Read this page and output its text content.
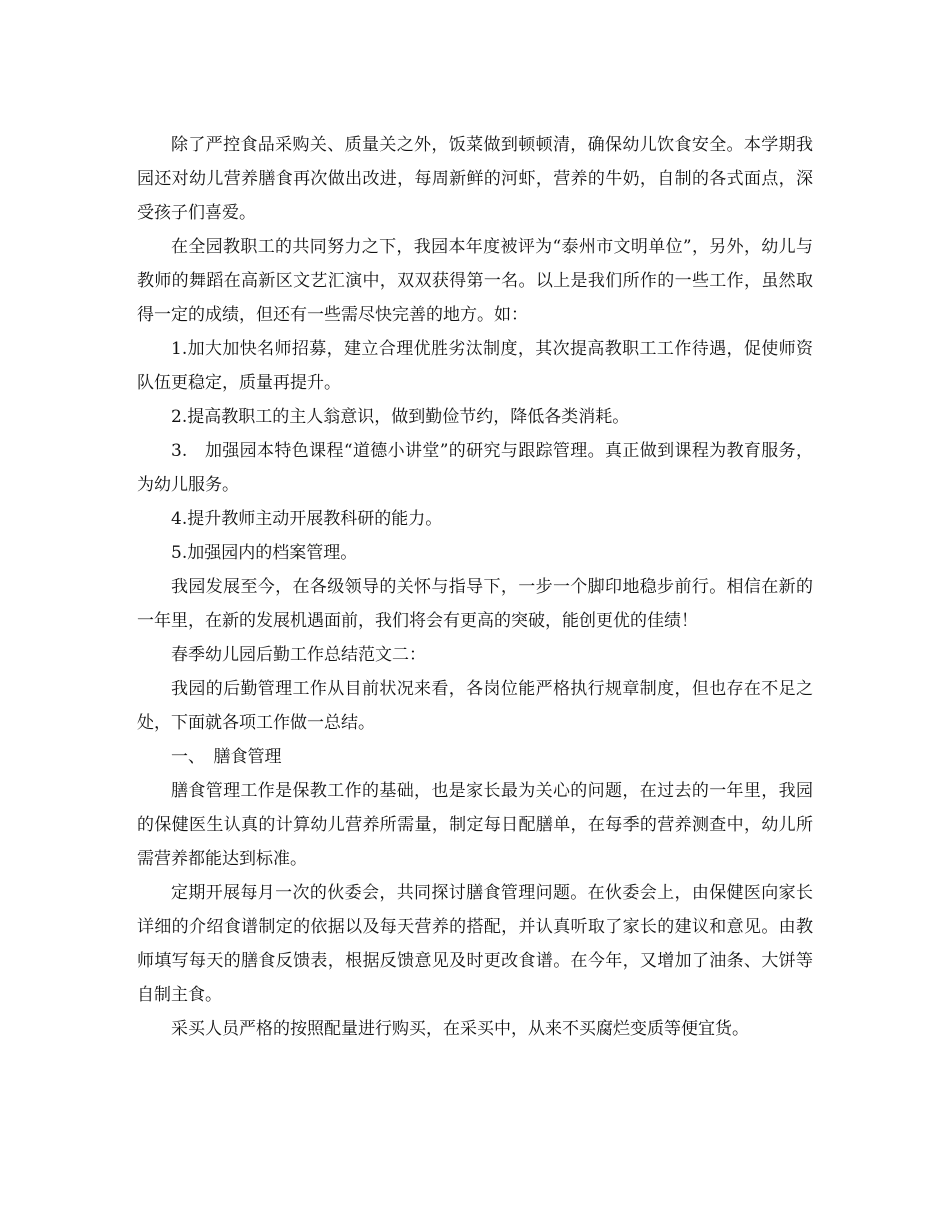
除了严控食品采购关、质量关之外，饭菜做到顿顿清，确保幼儿饮食安全。本学期我园还对幼儿营养膳食再次做出改进，每周新鲜的河虾，营养的牛奶，自制的各式面点，深受孩子们喜爱。

在全园教职工的共同努力之下，我园本年度被评为“泰州市文明单位”，另外，幼儿与教师的舞蹈在高新区文艺汇演中，双双获得第一名。以上是我们所作的一些工作，虽然取得一定的成绩，但还有一些需尽快完善的地方。如：

1.加大加快名师招募，建立合理优胜劣汰制度，其次提高教职工工作待遇，促使师资队伍更稳定，质量再提升。

2.提高教职工的主人翁意识，做到勤俭节约，降低各类消耗。

3.　加强园本特色课程“道德小讲堂”的研究与跟踪管理。真正做到课程为教育服务，为幼儿服务。

4.提升教师主动开展教科研的能力。

5.加强园内的档案管理。

我园发展至今，在各级领导的关怀与指导下，一步一个脚印地稳步前行。相信在新的一年里，在新的发展机遇面前，我们将会有更高的突破，能创更优的佳绩！

春季幼儿园后勤工作总结范文二：

我园的后勤管理工作从目前状况来看，各岗位能严格执行规章制度，但也存在不足之处，下面就各项工作做一总结。

一、　膳食管理

膳食管理工作是保教工作的基础，也是家长最为关心的问题，在过去的一年里，我园的保健医生认真的计算幼儿营养所需量，制定每日配膳单，在每季的营养测查中，幼儿所需营养都能达到标准。

定期开展每月一次的伙委会，共同探讨膳食管理问题。在伙委会上，由保健医向家长详细的介绍食谱制定的依据以及每天营养的搭配，并认真听取了家长的建议和意见。由教师填写每天的膳食反馈表，根据反馈意见及时更改食谱。在今年，又增加了油条、大饼等自制主食。

采买人员严格的按照配量进行购买，在采买中，从来不买腐烂变质等便宜货。
